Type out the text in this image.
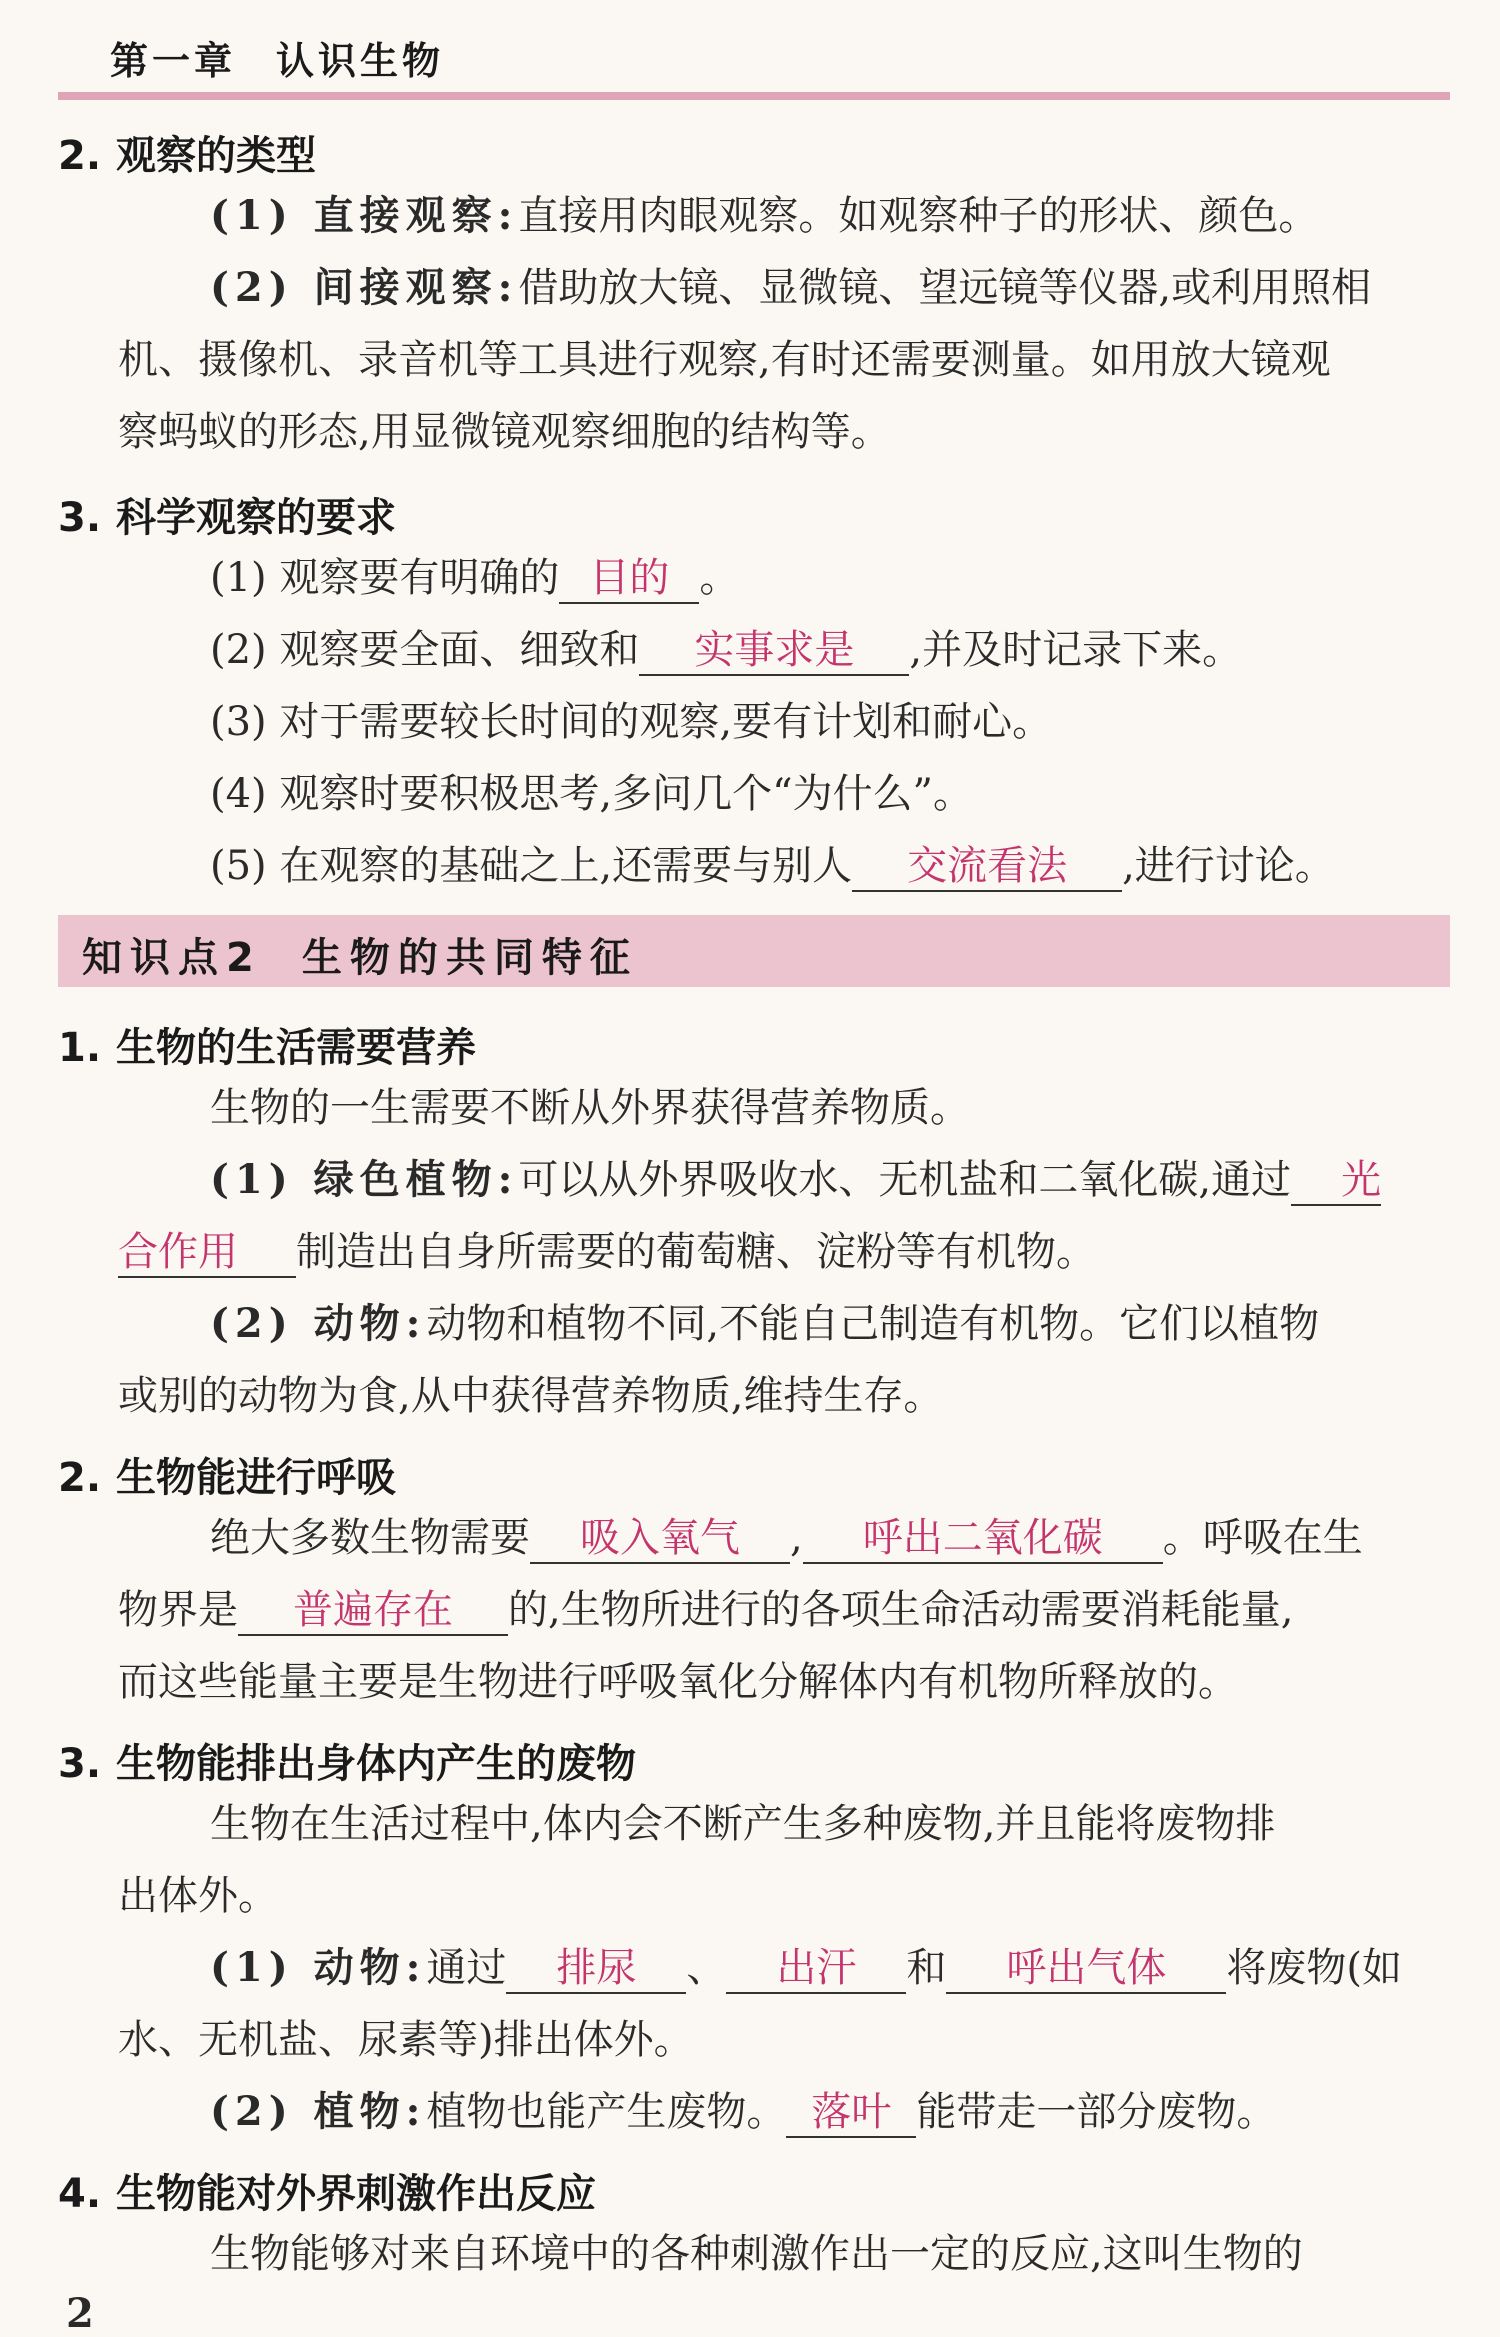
第一章 认识生物
2. 观察的类型
(1) 直接观察:直接用肉眼观察。如观察种子的形状、颜色。
(2) 间接观察:借助放大镜、显微镜、望远镜等仪器,或利用照相
机、摄像机、录音机等工具进行观察,有时还需要测量。如用放大镜观
察蚂蚁的形态,用显微镜观察细胞的结构等。
3. 科学观察的要求
(1) 观察要有明确的 目的 。
(2) 观察要全面、细致和 实事求是 ,并及时记录下来。
(3) 对于需要较长时间的观察,要有计划和耐心。
(4) 观察时要积极思考,多问几个“为什么”。
(5) 在观察的基础之上,还需要与别人 交流看法 ,进行讨论。
知识点2 生物的共同特征
1. 生物的生活需要营养
生物的一生需要不断从外界获得营养物质。
(1) 绿色植物:可以从外界吸收水、无机盐和二氧化碳,通过 光
合作用 制造出自身所需要的葡萄糖、淀粉等有机物。
(2) 动物:动物和植物不同,不能自己制造有机物。它们以植物
或别的动物为食,从中获得营养物质,维持生存。
2. 生物能进行呼吸
绝大多数生物需要 吸入氧气 , 呼出二氧化碳 。呼吸在生
物界是 普遍存在 的,生物所进行的各项生命活动需要消耗能量,
而这些能量主要是生物进行呼吸氧化分解体内有机物所释放的。
3. 生物能排出身体内产生的废物
生物在生活过程中,体内会不断产生多种废物,并且能将废物排
出体外。
(1) 动物:通过 排尿 、 出汗 和 呼出气体 将废物(如
水、无机盐、尿素等)排出体外。
(2) 植物:植物也能产生废物。 落叶 能带走一部分废物。
4. 生物能对外界刺激作出反应
生物能够对来自环境中的各种刺激作出一定的反应,这叫生物的
2
